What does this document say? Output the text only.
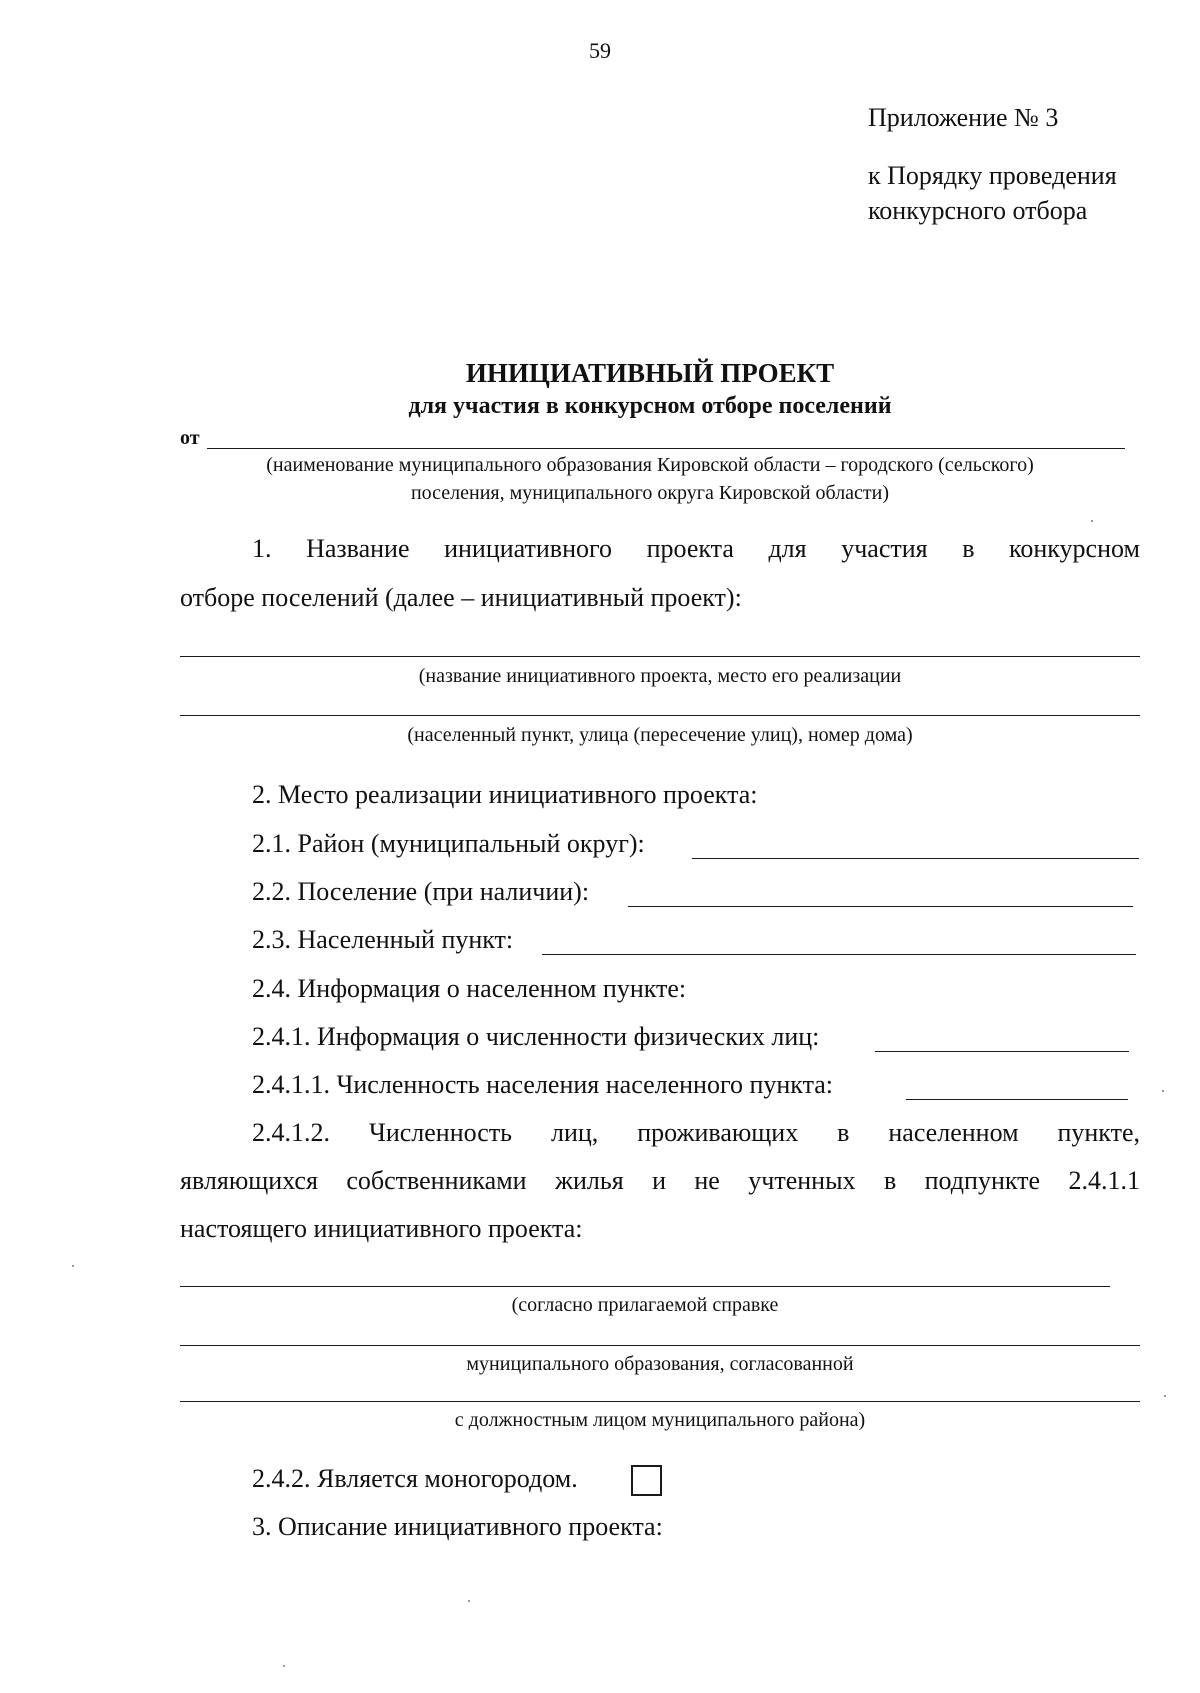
59
Приложение № 3
к Порядку проведения
конкурсного отбора
ИНИЦИАТИВНЫЙ ПРОЕКТ
для участия в конкурсном отборе поселений
от
(наименование муниципального образования Кировской области – городского (сельского)
поселения, муниципального округа Кировской области)
1. Название инициативного проекта для участия в конкурсном
отборе поселений (далее – инициативный проект):
(название инициативного проекта, место его реализации
(населенный пункт, улица (пересечение улиц), номер дома)
2. Место реализации инициативного проекта:
2.1. Район (муниципальный округ):
2.2. Поселение (при наличии):
2.3. Населенный пункт:
2.4. Информация о населенном пункте:
2.4.1. Информация о численности физических лиц:
2.4.1.1. Численность населения населенного пункта:
2.4.1.2. Численность лиц, проживающих в населенном пункте,
являющихся собственниками жилья и не учтенных в подпункте 2.4.1.1
настоящего инициативного проекта:
(согласно прилагаемой справке
муниципального образования, согласованной
с должностным лицом муниципального района)
2.4.2. Является моногородом.
3. Описание инициативного проекта:
